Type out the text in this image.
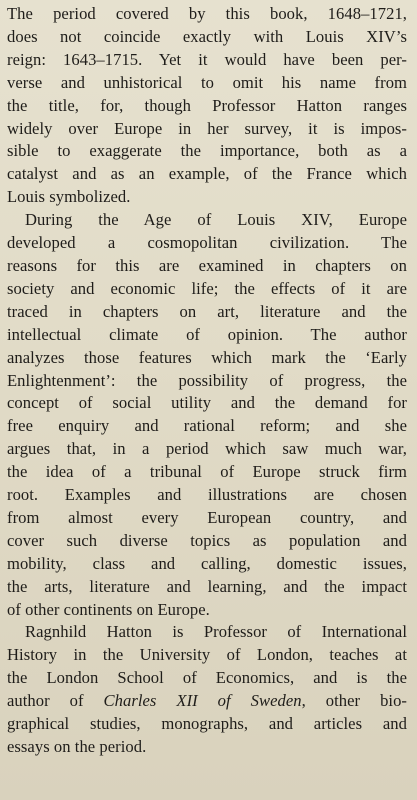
The period covered by this book, 1648–1721,
does not coincide exactly with Louis XIV’s
reign: 1643–1715. Yet it would have been per-
verse and unhistorical to omit his name from
the title, for, though Professor Hatton ranges
widely over Europe in her survey, it is impos-
sible to exaggerate the importance, both as a
catalyst and as an example, of the France which
Louis symbolized.

During the Age of Louis XIV, Europe
developed a cosmopolitan civilization. The
reasons for this are examined in chapters on
society and economic life; the effects of it are
traced in chapters on art, literature and the
intellectual climate of opinion. The author
analyzes those features which mark the ‘Early
Enlightenment’: the possibility of progress, the
concept of social utility and the demand for
free enquiry and rational reform; and she
argues that, in a period which saw much war,
the idea of a tribunal of Europe struck firm
root. Examples and illustrations are chosen
from almost every European country, and
cover such diverse topics as population and
mobility, class and calling, domestic issues,
the arts, literature and learning, and the impact
of other continents on Europe.

Ragnhild Hatton is Professor of International
History in the University of London, teaches at
the London School of Economics, and is the
author of Charles XII of Sweden, other bio-
graphical studies, monographs, and articles and
essays on the period.
